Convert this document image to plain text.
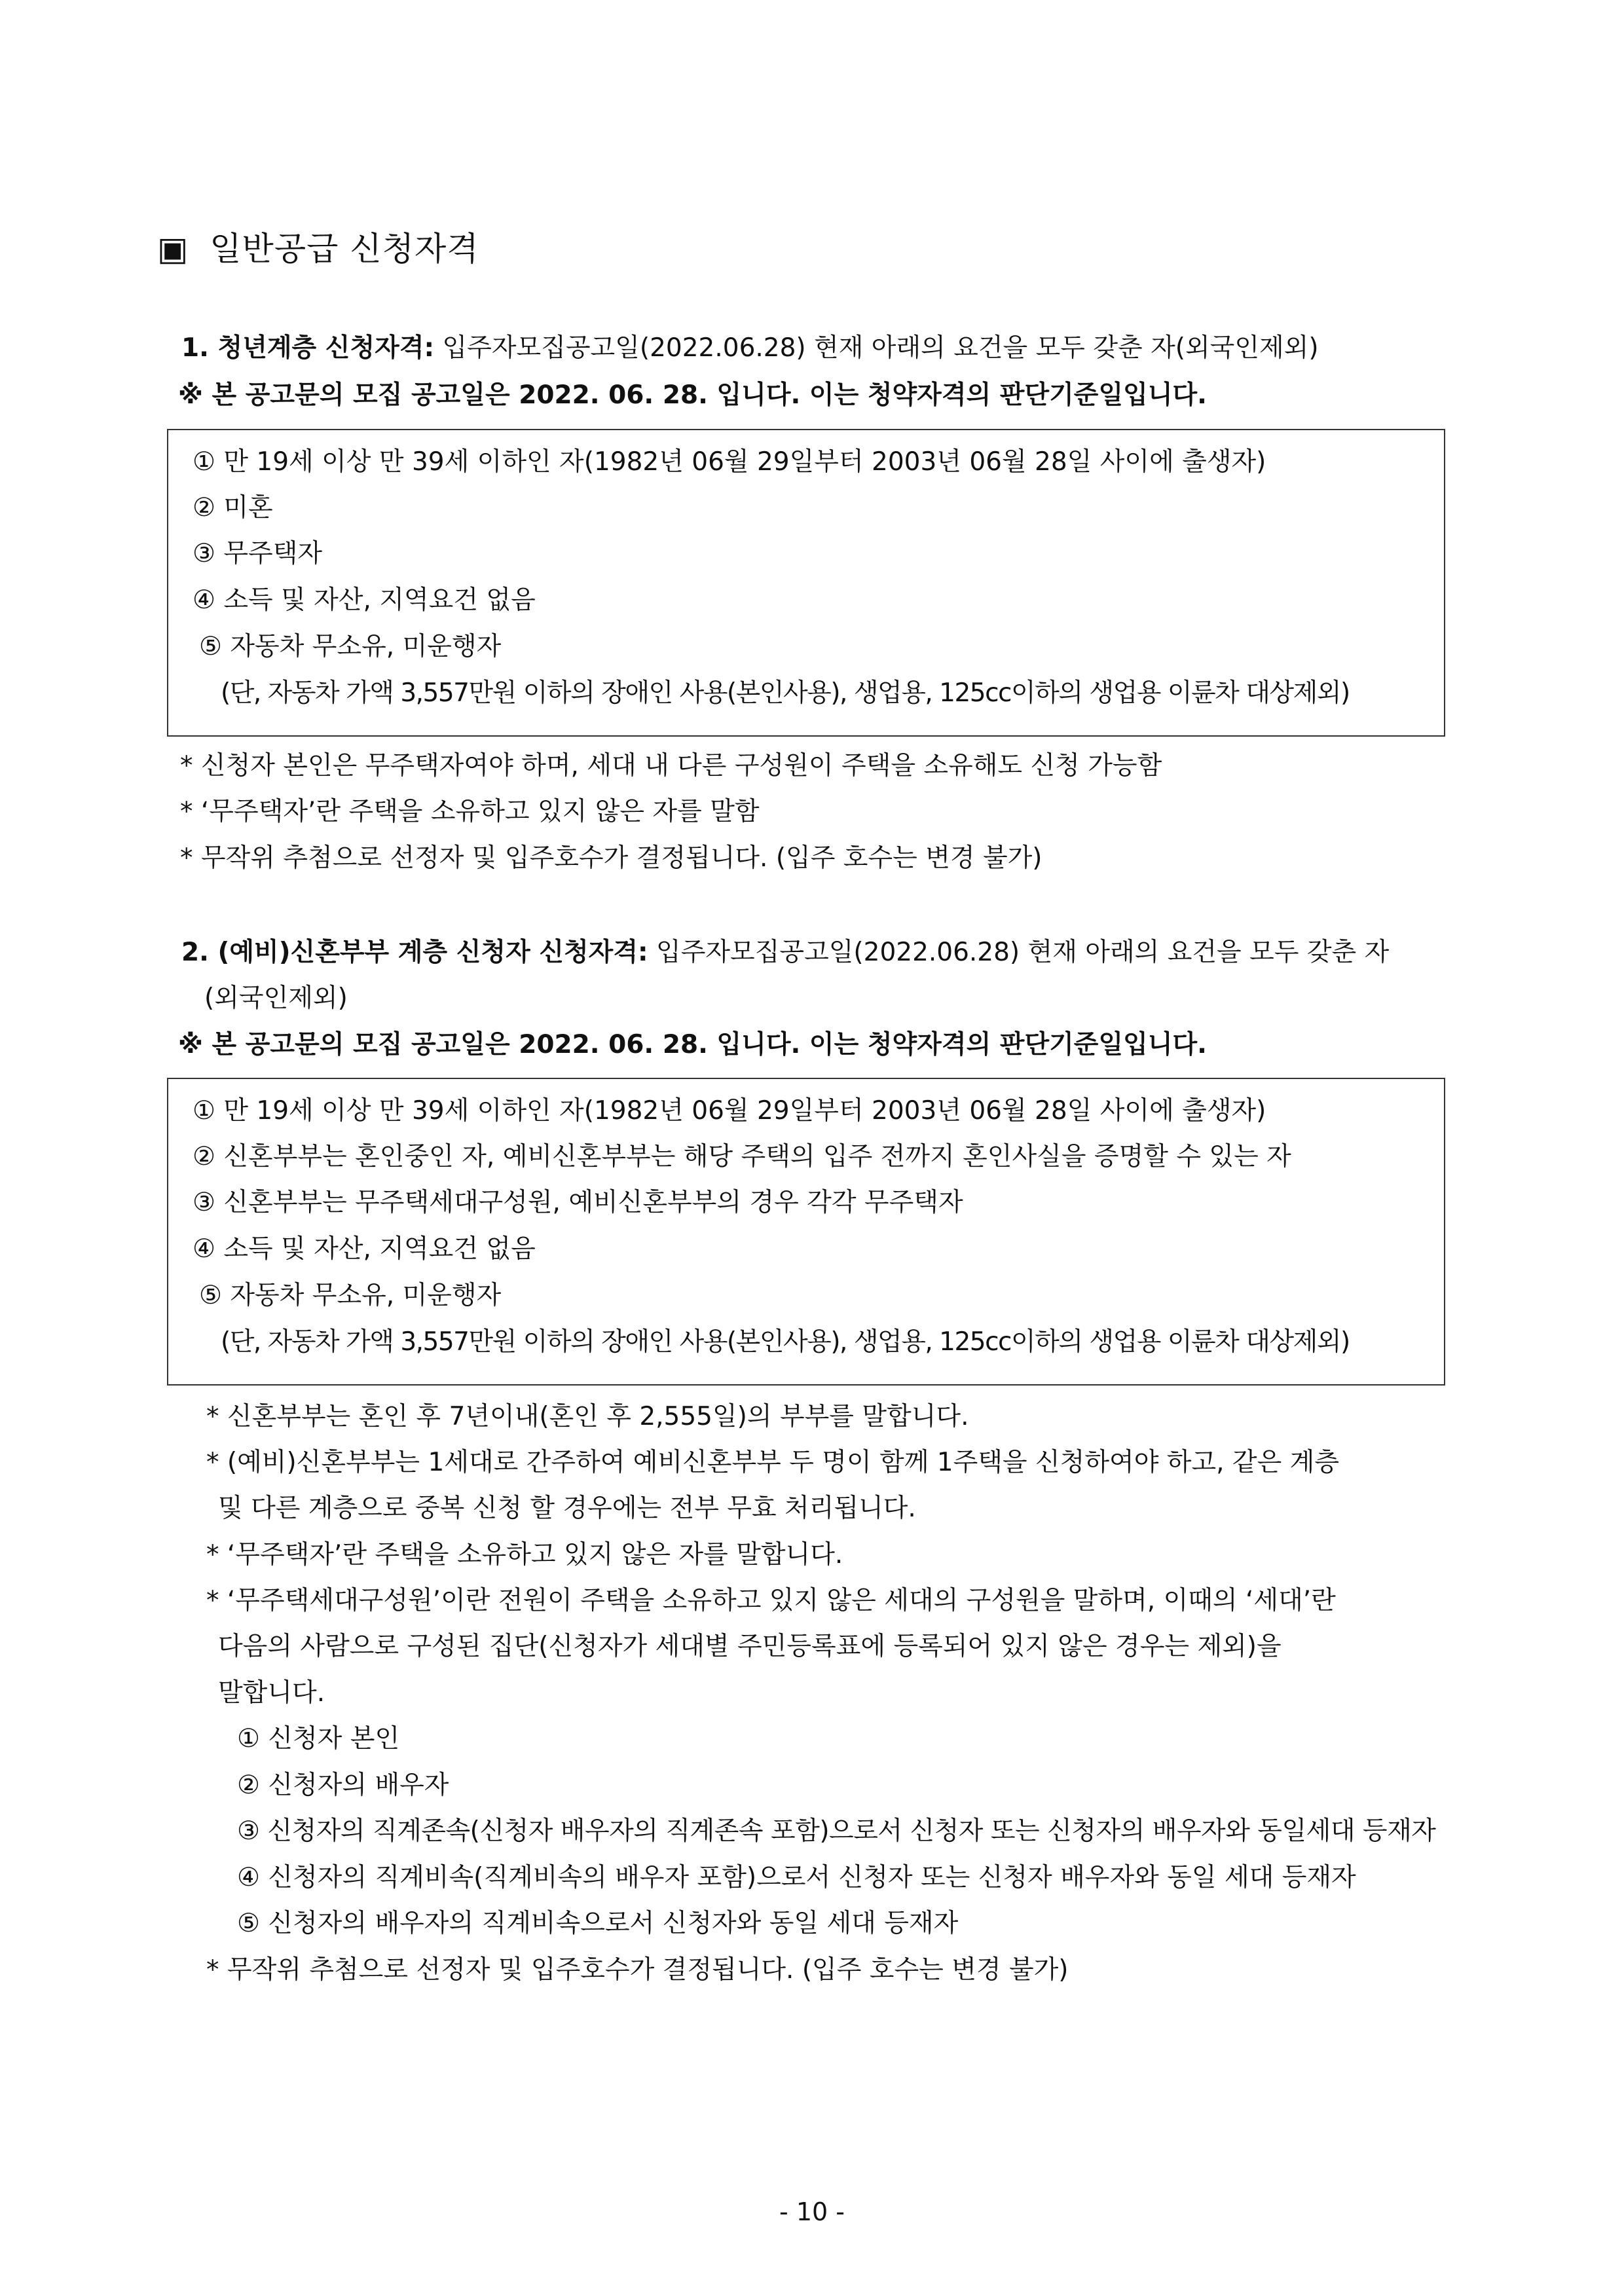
▣ 일반공급 신청자격
1. 청년계층 신청자격: 입주자모집공고일(2022.06.28) 현재 아래의 요건을 모두 갖춘 자(외국인제외)
※ 본 공고문의 모집 공고일은 2022. 06. 28. 입니다. 이는 청약자격의 판단기준일입니다.
① 만 19세 이상 만 39세 이하인 자(1982년 06월 29일부터 2003년 06월 28일 사이에 출생자)
② 미혼
③ 무주택자
④ 소득 및 자산, 지역요건 없음
⑤ 자동차 무소유, 미운행자
(단, 자동차 가액 3,557만원 이하의 장애인 사용(본인사용), 생업용, 125cc이하의 생업용 이륜차 대상제외)
* 신청자 본인은 무주택자여야 하며, 세대 내 다른 구성원이 주택을 소유해도 신청 가능함
* ‘무주택자’란 주택을 소유하고 있지 않은 자를 말함
* 무작위 추첨으로 선정자 및 입주호수가 결정됩니다. (입주 호수는 변경 불가)
2. (예비)신혼부부 계층 신청자 신청자격: 입주자모집공고일(2022.06.28) 현재 아래의 요건을 모두 갖춘 자
(외국인제외)
※ 본 공고문의 모집 공고일은 2022. 06. 28. 입니다. 이는 청약자격의 판단기준일입니다.
① 만 19세 이상 만 39세 이하인 자(1982년 06월 29일부터 2003년 06월 28일 사이에 출생자)
② 신혼부부는 혼인중인 자, 예비신혼부부는 해당 주택의 입주 전까지 혼인사실을 증명할 수 있는 자
③ 신혼부부는 무주택세대구성원, 예비신혼부부의 경우 각각 무주택자
④ 소득 및 자산, 지역요건 없음
⑤ 자동차 무소유, 미운행자
(단, 자동차 가액 3,557만원 이하의 장애인 사용(본인사용), 생업용, 125cc이하의 생업용 이륜차 대상제외)
* 신혼부부는 혼인 후 7년이내(혼인 후 2,555일)의 부부를 말합니다.
* (예비)신혼부부는 1세대로 간주하여 예비신혼부부 두 명이 함께 1주택을 신청하여야 하고, 같은 계층
및 다른 계층으로 중복 신청 할 경우에는 전부 무효 처리됩니다.
* ‘무주택자’란 주택을 소유하고 있지 않은 자를 말합니다.
* ‘무주택세대구성원’이란 전원이 주택을 소유하고 있지 않은 세대의 구성원을 말하며, 이때의 ‘세대’란
다음의 사람으로 구성된 집단(신청자가 세대별 주민등록표에 등록되어 있지 않은 경우는 제외)을
말합니다.
① 신청자 본인
② 신청자의 배우자
③ 신청자의 직계존속(신청자 배우자의 직계존속 포함)으로서 신청자 또는 신청자의 배우자와 동일세대 등재자
④ 신청자의 직계비속(직계비속의 배우자 포함)으로서 신청자 또는 신청자 배우자와 동일 세대 등재자
⑤ 신청자의 배우자의 직계비속으로서 신청자와 동일 세대 등재자
* 무작위 추첨으로 선정자 및 입주호수가 결정됩니다. (입주 호수는 변경 불가)
- 10 -
